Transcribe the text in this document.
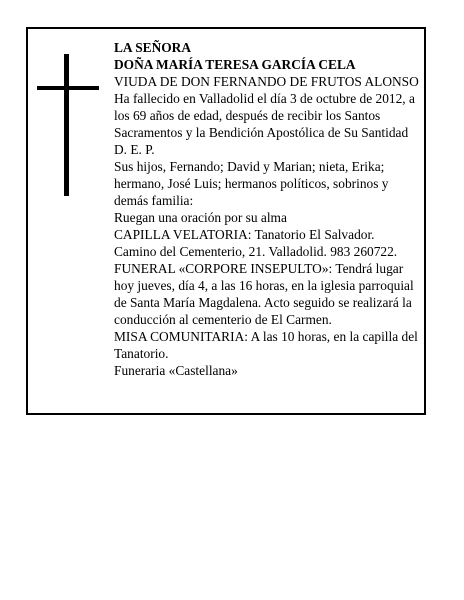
LA SEÑORA

DOÑA MARÍA TERESA GARCÍA CELA

VIUDA DE DON FERNANDO DE FRUTOS ALONSO

Ha fallecido en Valladolid el día 3 de octubre de 2012, a los 69 años de edad, después de recibir los Santos Sacramentos y la Bendición Apostólica de Su Santidad D. E. P.

Sus hijos, Fernando; David y Marian; nieta, Erika; hermano, José Luis; hermanos políticos, sobrinos y demás familia:

Ruegan una oración por su alma

CAPILLA VELATORIA: Tanatorio El Salvador. Camino del Cementerio, 21. Valladolid. 983 260722.

FUNERAL «CORPORE INSEPULTO»: Tendrá lugar hoy jueves, día 4, a las 16 horas, en la iglesia parroquial de Santa María Magdalena. Acto seguido se realizará la conducción al cementerio de El Carmen.

MISA COMUNITARIA: A las 10 horas, en la capilla del Tanatorio.

Funeraria «Castellana»
